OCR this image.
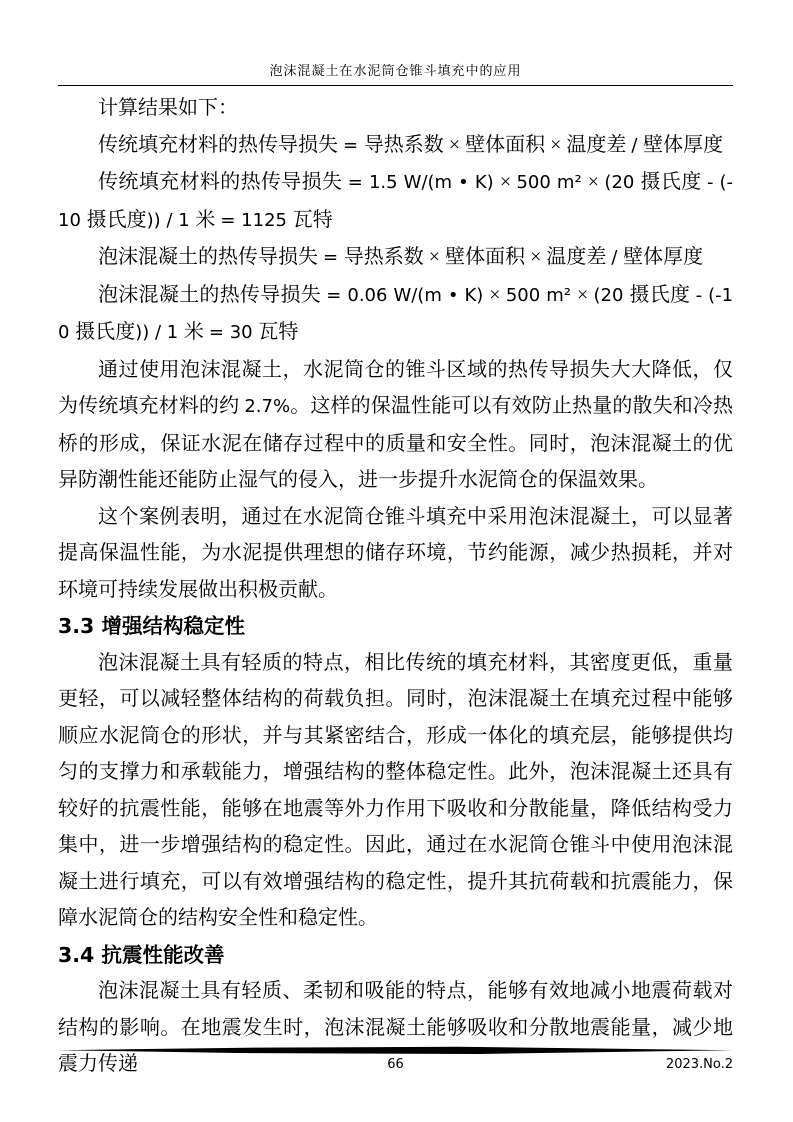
泡沫混凝土在水泥筒仓锥斗填充中的应用

计算结果如下：

传统填充材料的热传导损失 = 导热系数 × 壁体面积 × 温度差 / 壁体厚度

传统填充材料的热传导损失 = 1.5 W/(m • K) × 500 m² × (20 摄氏度 - (-10 摄氏度)) / 1 米 = 1125 瓦特

泡沫混凝土的热传导损失 = 导热系数 × 壁体面积 × 温度差 / 壁体厚度

泡沫混凝土的热传导损失 = 0.06 W/(m • K) × 500 m² × (20 摄氏度 - (-10 摄氏度)) / 1 米 = 30 瓦特

通过使用泡沫混凝土，水泥筒仓的锥斗区域的热传导损失大大降低，仅为传统填充材料的约 2.7%。这样的保温性能可以有效防止热量的散失和冷热桥的形成，保证水泥在储存过程中的质量和安全性。同时，泡沫混凝土的优异防潮性能还能防止湿气的侵入，进一步提升水泥筒仓的保温效果。

这个案例表明，通过在水泥筒仓锥斗填充中采用泡沫混凝土，可以显著提高保温性能，为水泥提供理想的储存环境，节约能源，减少热损耗，并对环境可持续发展做出积极贡献。

3.3 增强结构稳定性

泡沫混凝土具有轻质的特点，相比传统的填充材料，其密度更低，重量更轻，可以减轻整体结构的荷载负担。同时，泡沫混凝土在填充过程中能够顺应水泥筒仓的形状，并与其紧密结合，形成一体化的填充层，能够提供均匀的支撑力和承载能力，增强结构的整体稳定性。此外，泡沫混凝土还具有较好的抗震性能，能够在地震等外力作用下吸收和分散能量，降低结构受力集中，进一步增强结构的稳定性。因此，通过在水泥筒仓锥斗中使用泡沫混凝土进行填充，可以有效增强结构的稳定性，提升其抗荷载和抗震能力，保障水泥筒仓的结构安全性和稳定性。

3.4 抗震性能改善

泡沫混凝土具有轻质、柔韧和吸能的特点，能够有效地减小地震荷载对结构的影响。在地震发生时，泡沫混凝土能够吸收和分散地震能量，减少地震力传递	66	2023.No.2
